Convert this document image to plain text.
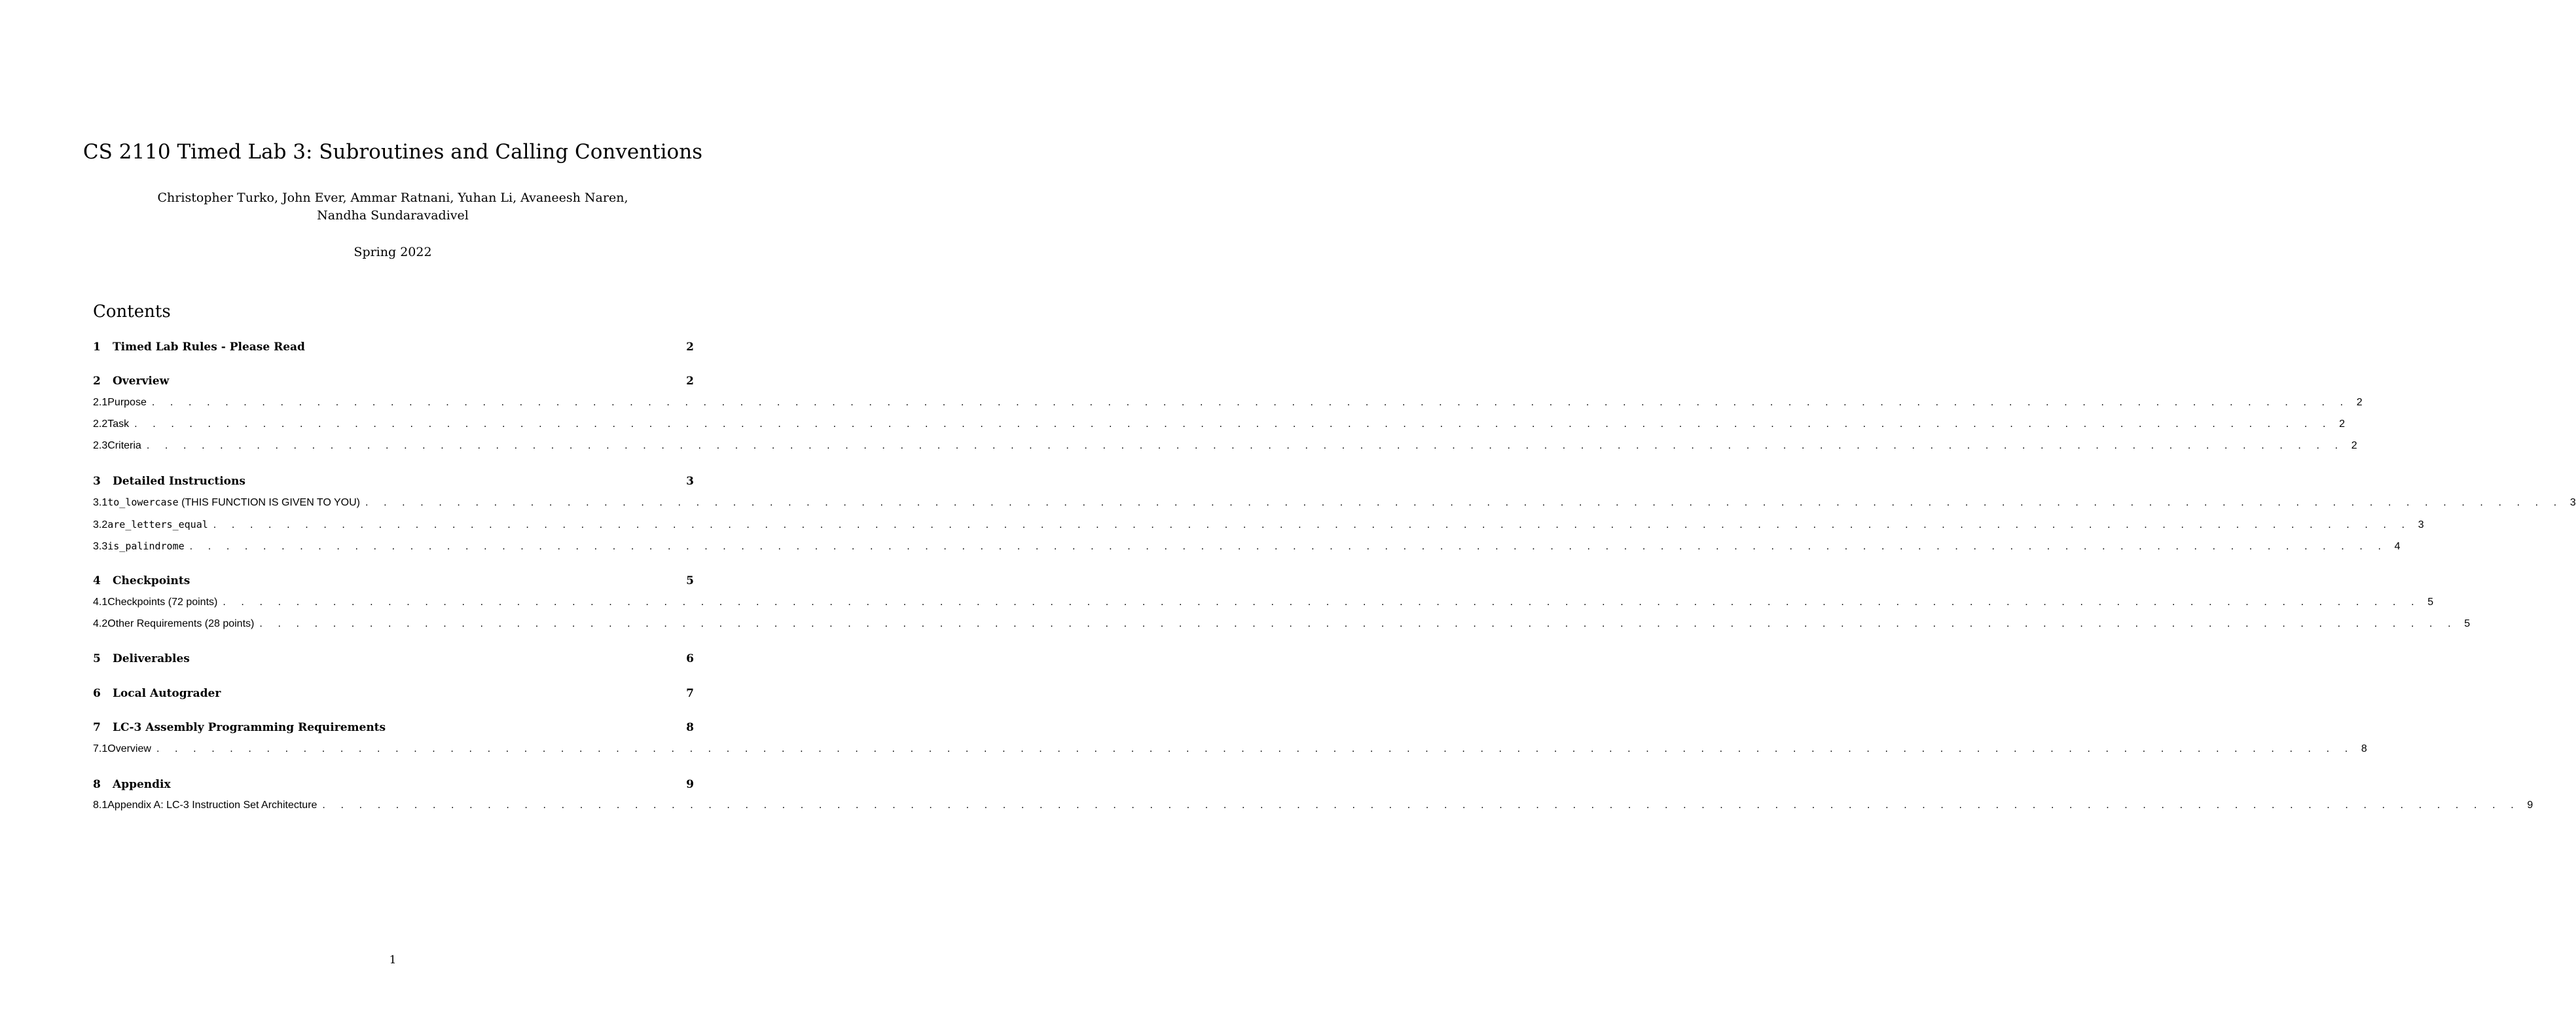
CS 2110 Timed Lab 3: Subroutines and Calling Conventions
Christopher Turko, John Ever, Ammar Ratnani, Yuhan Li, Avaneesh Naren,
Nandha Sundaravadivel
Spring 2022
Contents
1	Timed Lab Rules - Please Read	2
2	Overview	2
2.1 Purpose . . . . . . . . . . . . . . . . . . . . . . . . . . . . . . . . . . . . . . . . . . . . . . . . . . . . . . . . . . . . . . . . . . . . . . . . . . . . . . . . . . . . . . . . . . . . . . . . . . . . . . . . . . . . . . . . . . . . . . . . 2
2.2 Task . . . . . . . . . . . . . . . . . . . . . . . . . . . . . . . . . . . . . . . . . . . . . . . . . . . . . . . . . . . . . . . . . . . . . . . . . . . . . . . . . . . . . . . . . . . . . . . . . . . . . . . . . . . . . . . . . . . . . . . . 2
2.3 Criteria . . . . . . . . . . . . . . . . . . . . . . . . . . . . . . . . . . . . . . . . . . . . . . . . . . . . . . . . . . . . . . . . . . . . . . . . . . . . . . . . . . . . . . . . . . . . . . . . . . . . . . . . . . . . . . . . . . . . . . . . 2
3	Detailed Instructions	3
3.1 to_lowercase (THIS FUNCTION IS GIVEN TO YOU) . . . . . . . . . . . . . . . . . . . . . . . . . . . . . . . . . . . . . . . . . . . . . . . . . . . . . . . . . . . . . . . . . . . . . . . . . . . . . . . . . . . . . . . . . . . . . . . . . . . . . . . . . . . . . . . . . . . . . . . . 3
3.2 are_letters_equal . . . . . . . . . . . . . . . . . . . . . . . . . . . . . . . . . . . . . . . . . . . . . . . . . . . . . . . . . . . . . . . . . . . . . . . . . . . . . . . . . . . . . . . . . . . . . . . . . . . . . . . . . . . . . . . . . . . . . . . . 3
3.3 is_palindrome . . . . . . . . . . . . . . . . . . . . . . . . . . . . . . . . . . . . . . . . . . . . . . . . . . . . . . . . . . . . . . . . . . . . . . . . . . . . . . . . . . . . . . . . . . . . . . . . . . . . . . . . . . . . . . . . . . . . . . . . 4
4	Checkpoints	5
4.1 Checkpoints (72 points) . . . . . . . . . . . . . . . . . . . . . . . . . . . . . . . . . . . . . . . . . . . . . . . . . . . . . . . . . . . . . . . . . . . . . . . . . . . . . . . . . . . . . . . . . . . . . . . . . . . . . . . . . . . . . . . . . . . . . . . . 5
4.2 Other Requirements (28 points) . . . . . . . . . . . . . . . . . . . . . . . . . . . . . . . . . . . . . . . . . . . . . . . . . . . . . . . . . . . . . . . . . . . . . . . . . . . . . . . . . . . . . . . . . . . . . . . . . . . . . . . . . . . . . . . . . . . . . . . . 5
5	Deliverables	6
6	Local Autograder	7
7	LC-3 Assembly Programming Requirements	8
7.1 Overview . . . . . . . . . . . . . . . . . . . . . . . . . . . . . . . . . . . . . . . . . . . . . . . . . . . . . . . . . . . . . . . . . . . . . . . . . . . . . . . . . . . . . . . . . . . . . . . . . . . . . . . . . . . . . . . . . . . . . . . . 8
8	Appendix	9
8.1 Appendix A: LC-3 Instruction Set Architecture . . . . . . . . . . . . . . . . . . . . . . . . . . . . . . . . . . . . . . . . . . . . . . . . . . . . . . . . . . . . . . . . . . . . . . . . . . . . . . . . . . . . . . . . . . . . . . . . . . . . . . . . . . . . . . . . . . . . . . . . 9
1
